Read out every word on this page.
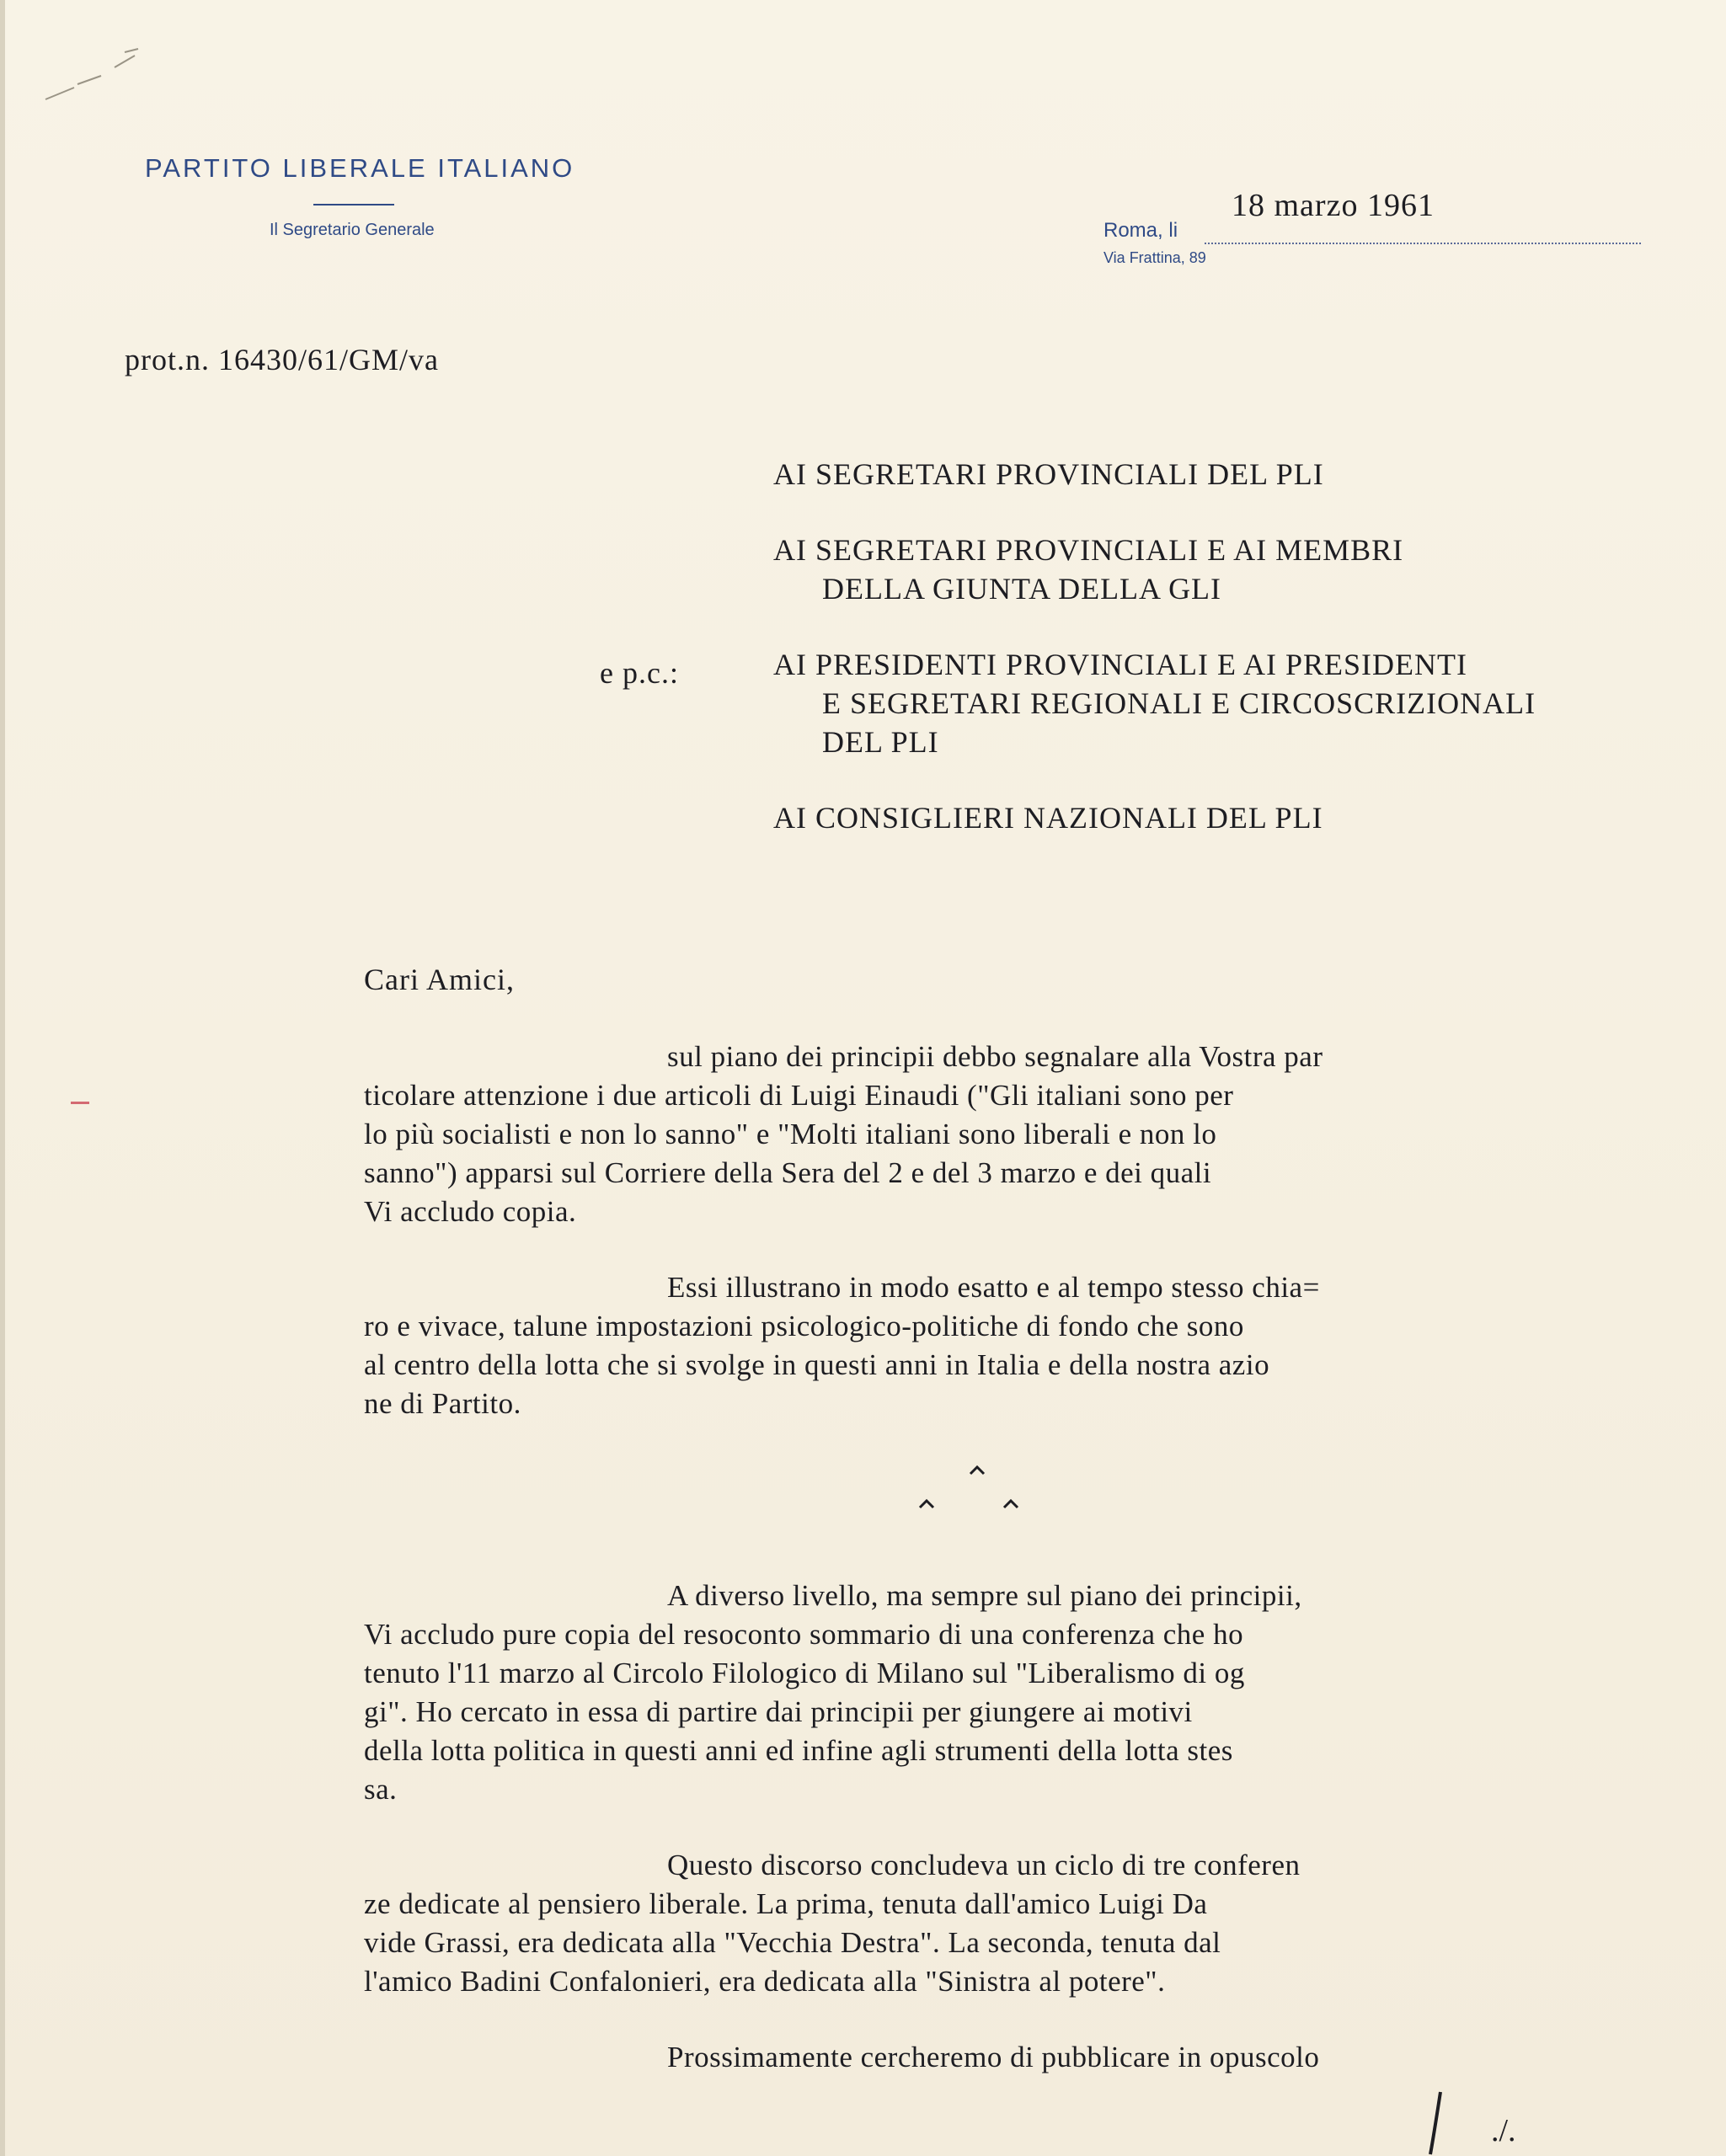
PARTITO LIBERALE ITALIANO
Il Segretario Generale
18 marzo 1961
Roma, li
Via Frattina, 89
prot.n. 16430/61/GM/va
e p.c.:
AI SEGRETARI PROVINCIALI DEL PLI
AI SEGRETARI PROVINCIALI E AI MEMBRI
DELLA GIUNTA DELLA GLI
AI PRESIDENTI PROVINCIALI E AI PRESIDENTI
E SEGRETARI REGIONALI E CIRCOSCRIZIONALI
DEL PLI
AI CONSIGLIERI NAZIONALI DEL PLI
Cari Amici,
sul piano dei principii debbo segnalare alla Vostra par
ticolare attenzione i due articoli di Luigi Einaudi ("Gli italiani sono per
lo più socialisti e non lo sanno" e "Molti italiani sono liberali e non lo
sanno") apparsi sul Corriere della Sera del 2 e del 3 marzo e dei quali
Vi accludo copia.
Essi illustrano in modo esatto e al tempo stesso chia=
ro e vivace, talune impostazioni psicologico-politiche di fondo che sono
al centro della lotta che si svolge in questi anni in Italia e della nostra azio
ne di Partito.
A diverso livello, ma sempre sul piano dei principii,
Vi accludo pure copia del resoconto sommario di una conferenza che ho
tenuto l'11 marzo al Circolo Filologico di Milano sul "Liberalismo di og
gi". Ho cercato in essa di partire dai principii per giungere ai motivi
della lotta politica in questi anni ed infine agli strumenti della lotta stes
sa.
Questo discorso concludeva un ciclo di tre conferen
ze dedicate al pensiero liberale. La prima, tenuta dall'amico Luigi Da
vide Grassi, era dedicata alla "Vecchia Destra". La seconda, tenuta dal
l'amico Badini Confalonieri, era dedicata alla "Sinistra al potere".
Prossimamente cercheremo di pubblicare in opuscolo
./.
